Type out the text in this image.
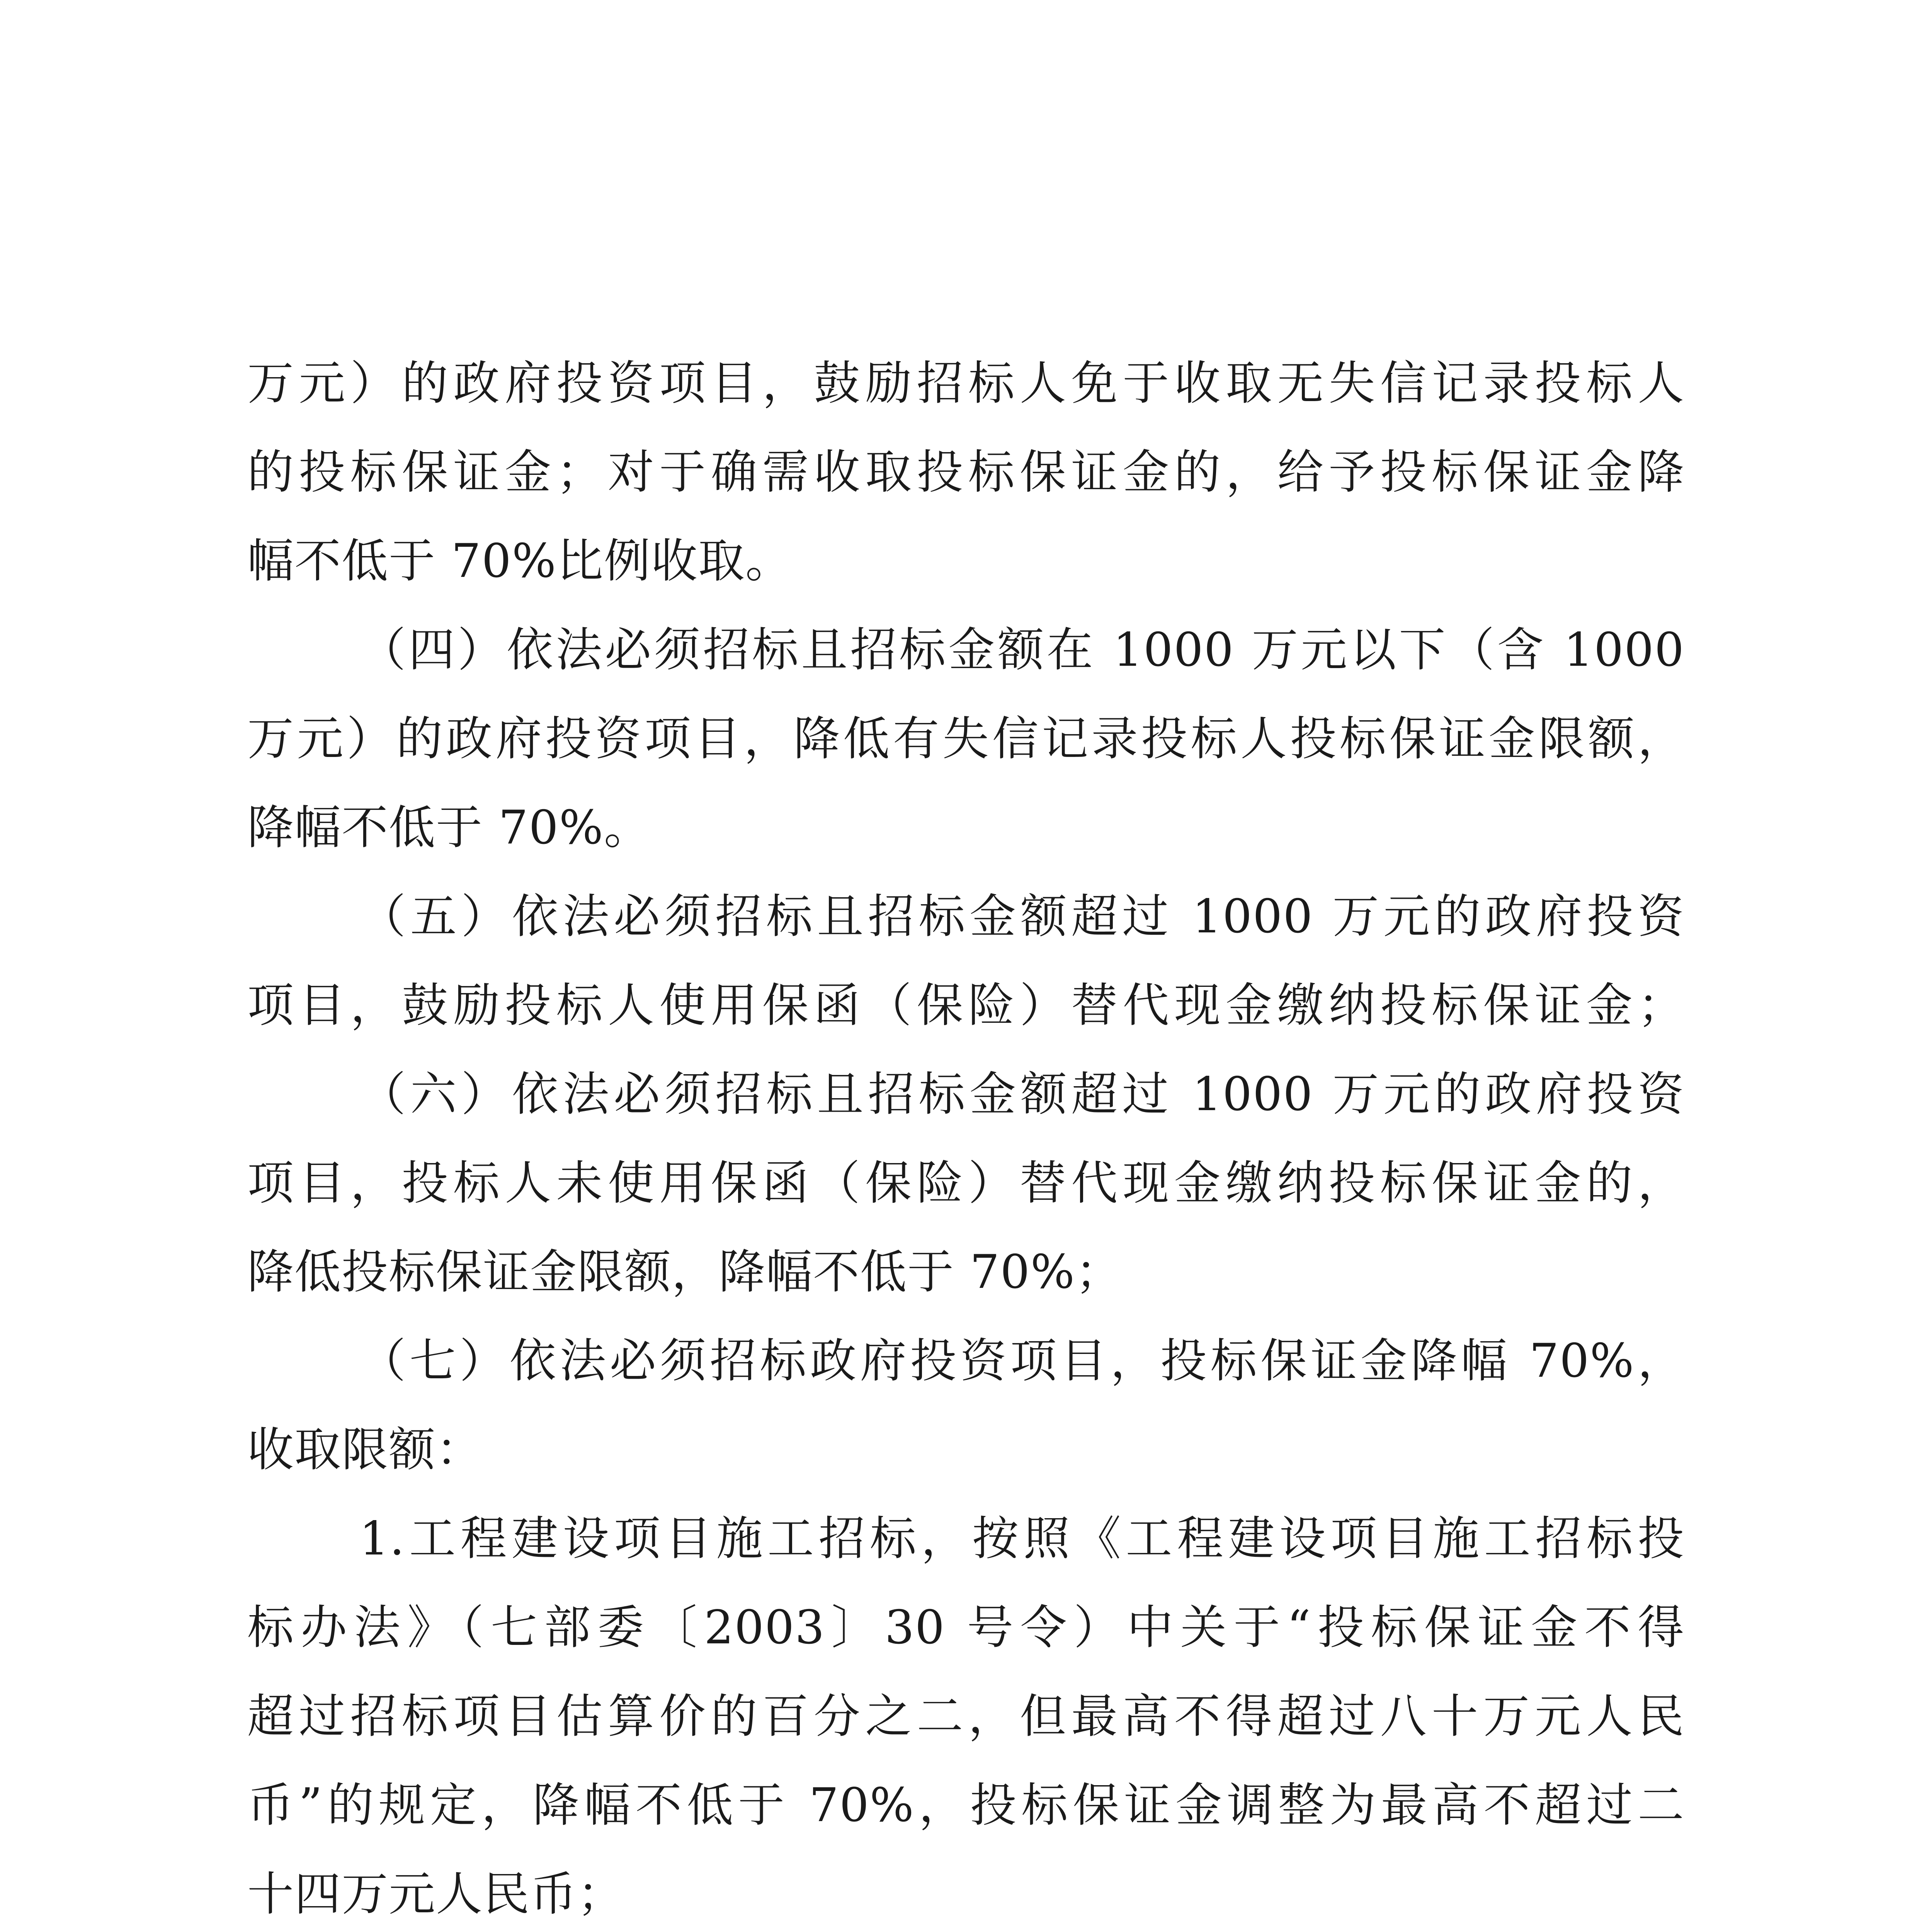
万元）的政府投资项目，鼓励招标人免于收取无失信记录投标人
的投标保证金；对于确需收取投标保证金的，给予投标保证金降
幅不低于 70%比例收取。
（四）依法必须招标且招标金额在 1000 万元以下（含 1000
万元）的政府投资项目，降低有失信记录投标人投标保证金限额，
降幅不低于 70%。
（五）依法必须招标且招标金额超过 1000 万元的政府投资
项目，鼓励投标人使用保函（保险）替代现金缴纳投标保证金；
（六）依法必须招标且招标金额超过 1000 万元的政府投资
项目，投标人未使用保函（保险）替代现金缴纳投标保证金的，
降低投标保证金限额，降幅不低于 70%；
（七）依法必须招标政府投资项目，投标保证金降幅 70%，
收取限额：
1.工程建设项目施工招标，按照《工程建设项目施工招标投
标办法》（七部委〔2003〕30 号令）中关于“投标保证金不得
超过招标项目估算价的百分之二，但最高不得超过八十万元人民
币”的规定，降幅不低于 70%，投标保证金调整为最高不超过二
十四万元人民币；
